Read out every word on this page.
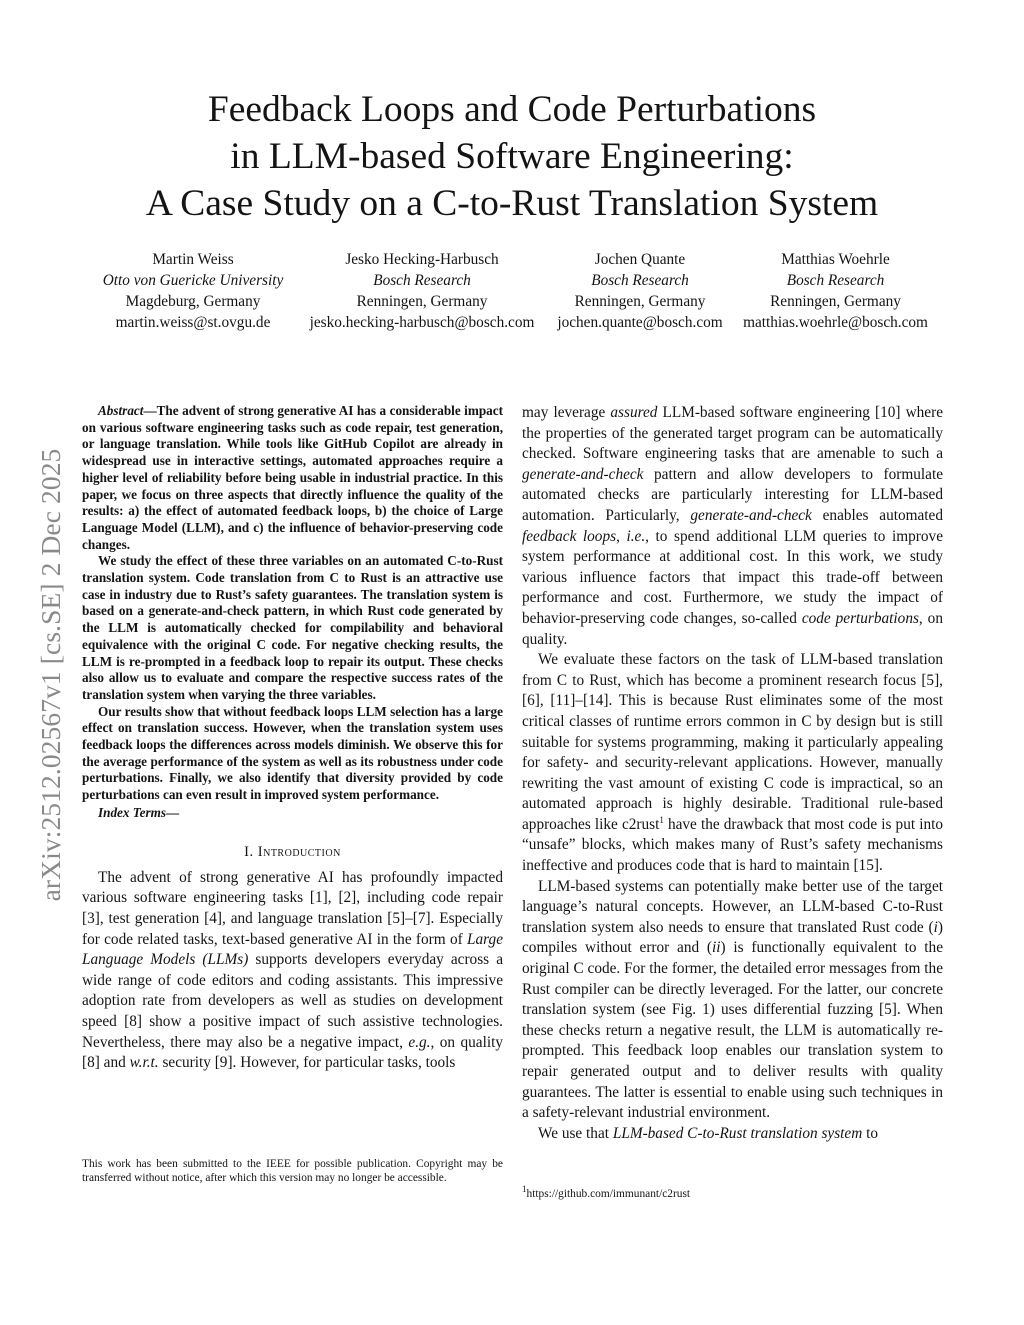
arXiv:2512.02567v1 [cs.SE] 2 Dec 2025
Feedback Loops and Code Perturbations
in LLM-based Software Engineering:
A Case Study on a C-to-Rust Translation System
Martin Weiss
Otto von Guericke University
Magdeburg, Germany
martin.weiss@st.ovgu.de
Jesko Hecking-Harbusch
Bosch Research
Renningen, Germany
jesko.hecking-harbusch@bosch.com
Jochen Quante
Bosch Research
Renningen, Germany
jochen.quante@bosch.com
Matthias Woehrle
Bosch Research
Renningen, Germany
matthias.woehrle@bosch.com

Abstract—The advent of strong generative AI has a considerable impact on various software engineering tasks such as code repair, test generation, or language translation. While tools like GitHub Copilot are already in widespread use in interactive settings, automated approaches require a higher level of reliability before being usable in industrial practice. In this paper, we focus on three aspects that directly influence the quality of the results: a) the effect of automated feedback loops, b) the choice of Large Language Model (LLM), and c) the influence of behavior-preserving code changes.

We study the effect of these three variables on an automated C-to-Rust translation system. Code translation from C to Rust is an attractive use case in industry due to Rust’s safety guarantees. The translation system is based on a generate-and-check pattern, in which Rust code generated by the LLM is automatically checked for compilability and behavioral equivalence with the original C code. For negative checking results, the LLM is re-prompted in a feedback loop to repair its output. These checks also allow us to evaluate and compare the respective success rates of the translation system when varying the three variables.

Our results show that without feedback loops LLM selection has a large effect on translation success. However, when the translation system uses feedback loops the differences across models diminish. We observe this for the average performance of the system as well as its robustness under code perturbations. Finally, we also identify that diversity provided by code perturbations can even result in improved system performance.

Index Terms—

I. Introduction

The advent of strong generative AI has profoundly impacted various software engineering tasks [1], [2], including code repair [3], test generation [4], and language translation [5]–[7]. Especially for code related tasks, text-based generative AI in the form of Large Language Models (LLMs) supports developers everyday across a wide range of code editors and coding assistants. This impressive adoption rate from developers as well as studies on development speed [8] show a positive impact of such assistive technologies. Nevertheless, there may also be a negative impact, e.g., on quality [8] and w.r.t. security [9]. However, for particular tasks, tools

This work has been submitted to the IEEE for possible publication. Copyright may be transferred without notice, after which this version may no longer be accessible.

may leverage assured LLM-based software engineering [10] where the properties of the generated target program can be automatically checked. Software engineering tasks that are amenable to such a generate-and-check pattern and allow developers to formulate automated checks are particularly interesting for LLM-based automation. Particularly, generate-and-check enables automated feedback loops, i.e., to spend additional LLM queries to improve system performance at additional cost. In this work, we study various influence factors that impact this trade-off between performance and cost. Furthermore, we study the impact of behavior-preserving code changes, so-called code perturbations, on quality.

We evaluate these factors on the task of LLM-based translation from C to Rust, which has become a prominent research focus [5], [6], [11]–[14]. This is because Rust eliminates some of the most critical classes of runtime errors common in C by design but is still suitable for systems programming, making it particularly appealing for safety- and security-relevant applications. However, manually rewriting the vast amount of existing C code is impractical, so an automated approach is highly desirable. Traditional rule-based approaches like c2rust$^1$ have the drawback that most code is put into “unsafe” blocks, which makes many of Rust’s safety mechanisms ineffective and produces code that is hard to maintain [15].

LLM-based systems can potentially make better use of the target language’s natural concepts. However, an LLM-based C-to-Rust translation system also needs to ensure that translated Rust code (i) compiles without error and (ii) is functionally equivalent to the original C code. For the former, the detailed error messages from the Rust compiler can be directly leveraged. For the latter, our concrete translation system (see Fig. 1) uses differential fuzzing [5]. When these checks return a negative result, the LLM is automatically re-prompted. This feedback loop enables our translation system to repair generated output and to deliver results with quality guarantees. The latter is essential to enable using such techniques in a safety-relevant industrial environment.

We use that LLM-based C-to-Rust translation system to

$^1$https://github.com/immunant/c2rust
